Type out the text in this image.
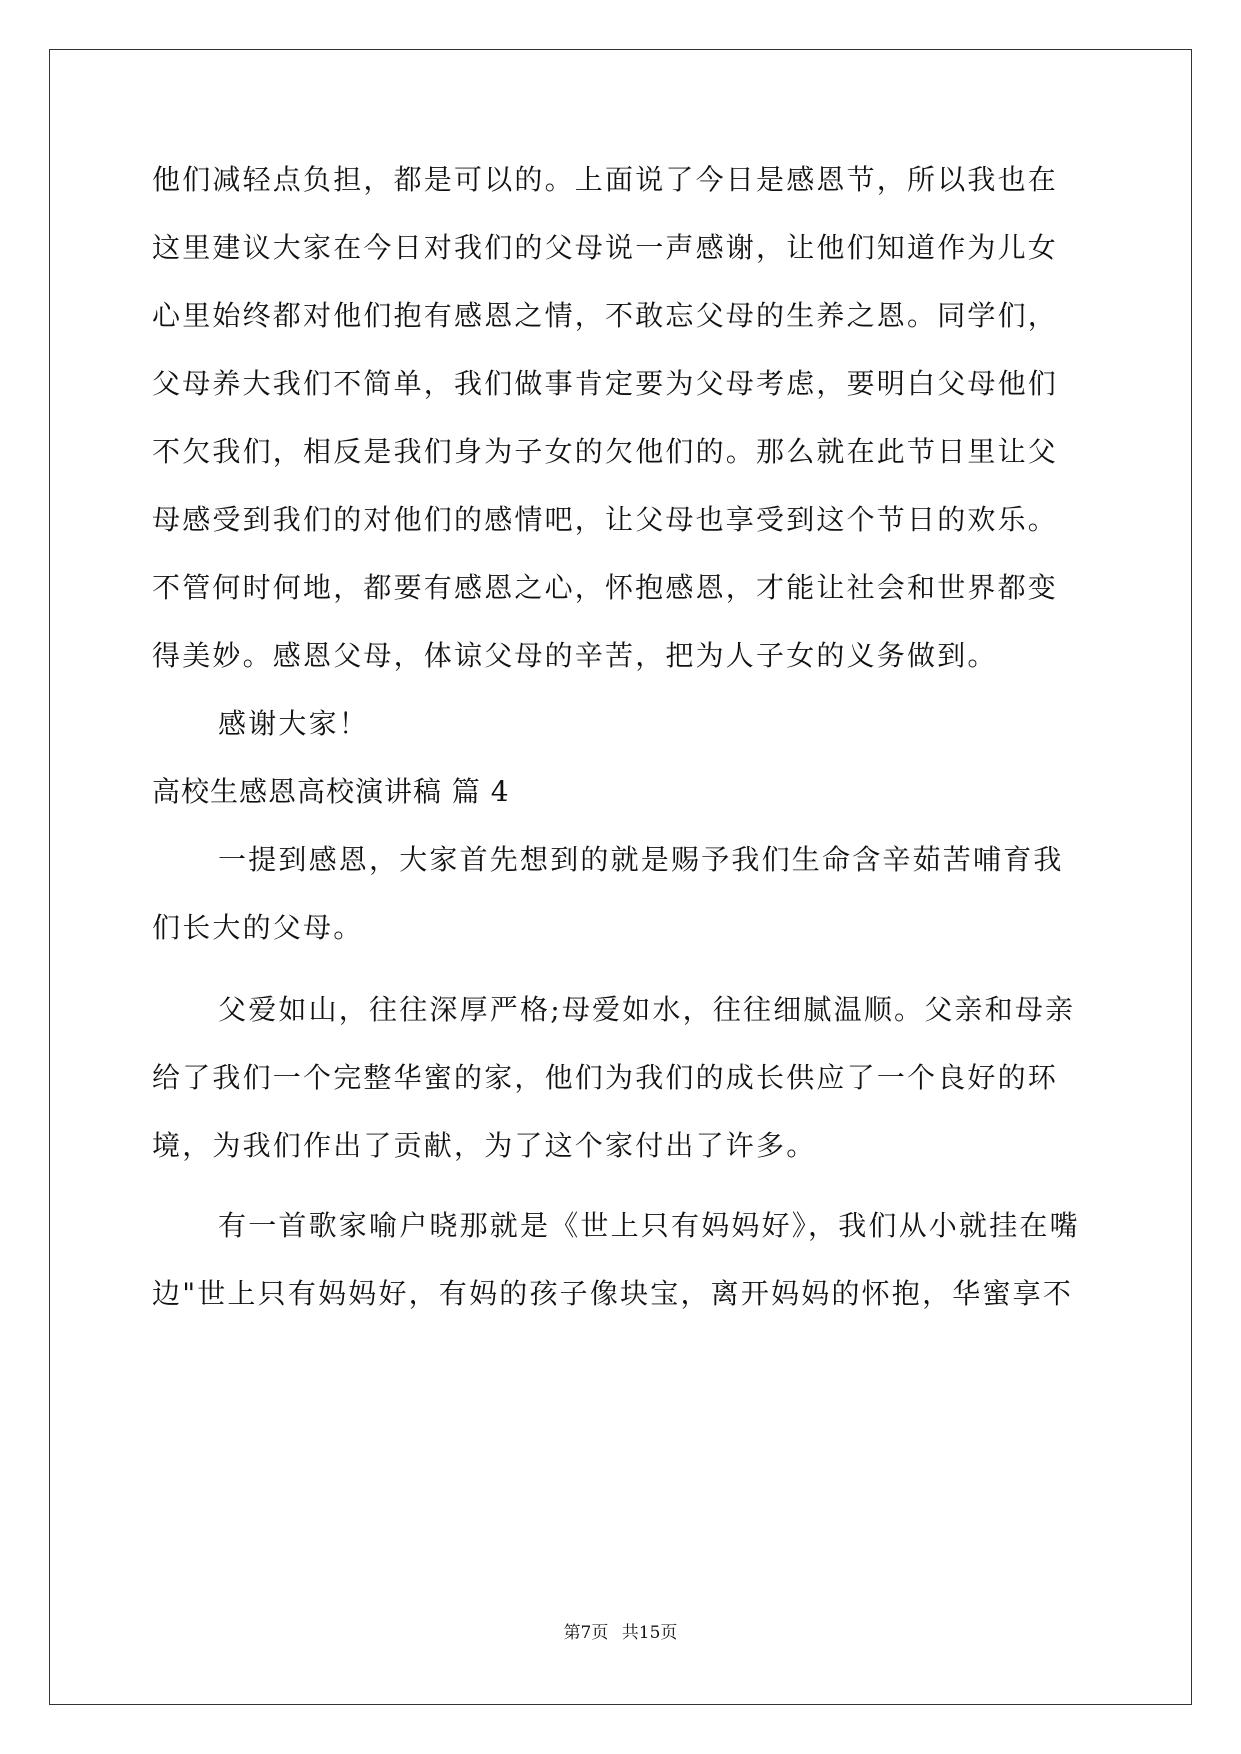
他们减轻点负担，都是可以的。上面说了今日是感恩节，所以我也在
这里建议大家在今日对我们的父母说一声感谢，让他们知道作为儿女
心里始终都对他们抱有感恩之情，不敢忘父母的生养之恩。同学们，
父母养大我们不简单，我们做事肯定要为父母考虑，要明白父母他们
不欠我们，相反是我们身为子女的欠他们的。那么就在此节日里让父
母感受到我们的对他们的感情吧，让父母也享受到这个节日的欢乐。
不管何时何地，都要有感恩之心，怀抱感恩，才能让社会和世界都变
得美妙。感恩父母，体谅父母的辛苦，把为人子女的义务做到。
感谢大家！
高校生感恩高校演讲稿 篇 4
一提到感恩，大家首先想到的就是赐予我们生命含辛茹苦哺育我
们长大的父母。
父爱如山，往往深厚严格;母爱如水，往往细腻温顺。父亲和母亲
给了我们一个完整华蜜的家，他们为我们的成长供应了一个良好的环
境，为我们作出了贡献，为了这个家付出了许多。
有一首歌家喻户晓那就是《世上只有妈妈好》，我们从小就挂在嘴
边"世上只有妈妈好，有妈的孩子像块宝，离开妈妈的怀抱，华蜜享不
第7页 共15页
